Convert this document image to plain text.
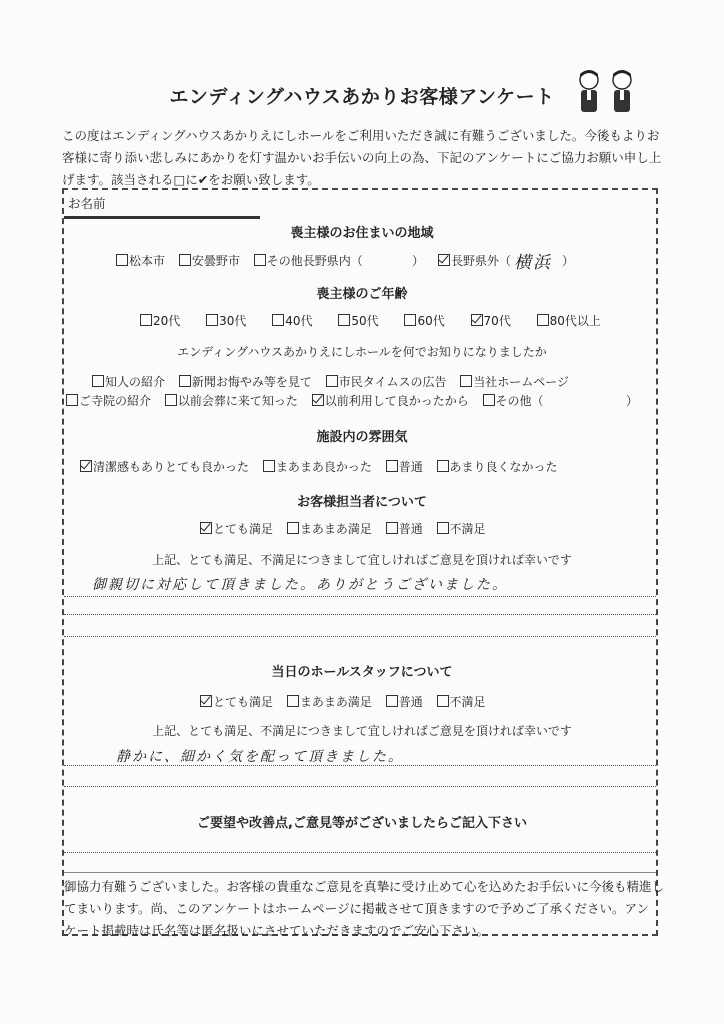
エンディングハウスあかりお客様アンケート
この度はエンディングハウスあかりえにしホールをご利用いただき誠に有難うございました。今後もよりお
客様に寄り添い悲しみにあかりを灯す温かいお手伝いの向上の為、下記のアンケートにご協力お願い申し上
げます。該当される□に✔をお願い致します。
お名前
喪主様のお住まいの地域
松本市 安曇野市 その他長野県内（	）	長野県外（ 横浜 ）
喪主様のご年齢
20代	30代	40代	50代	60代	70代	80代以上
エンディングハウスあかりえにしホールを何でお知りになりましたか
知人の紹介 新聞お悔やみ等を見て 市民タイムスの広告 当社ホームページ
ご寺院の紹介 以前会葬に来て知った 以前利用して良かったから その他（	）
施設内の雰囲気
清潔感もありとても良かった まあまあ良かった 普通 あまり良くなかった
お客様担当者について
とても満足 まあまあ満足 普通 不満足
上記、とても満足、不満足につきまして宜しければご意見を頂ければ幸いです
御親切に対応して頂きました。ありがとうございました。
当日のホールスタッフについて
とても満足 まあまあ満足 普通 不満足
上記、とても満足、不満足につきまして宜しければご意見を頂ければ幸いです
静かに、細かく気を配って頂きました。
ご要望や改善点,ご意見等がございましたらご記入下さい
御協力有難うございました。お客様の貴重なご意見を真摯に受け止めて心を込めたお手伝いに今後も精進し
てまいります。尚、このアンケートはホームページに掲載させて頂きますので予めご了承ください。アン
ケート掲載時は氏名等は匿名扱いにさせていただきますのでご安心下さい。
